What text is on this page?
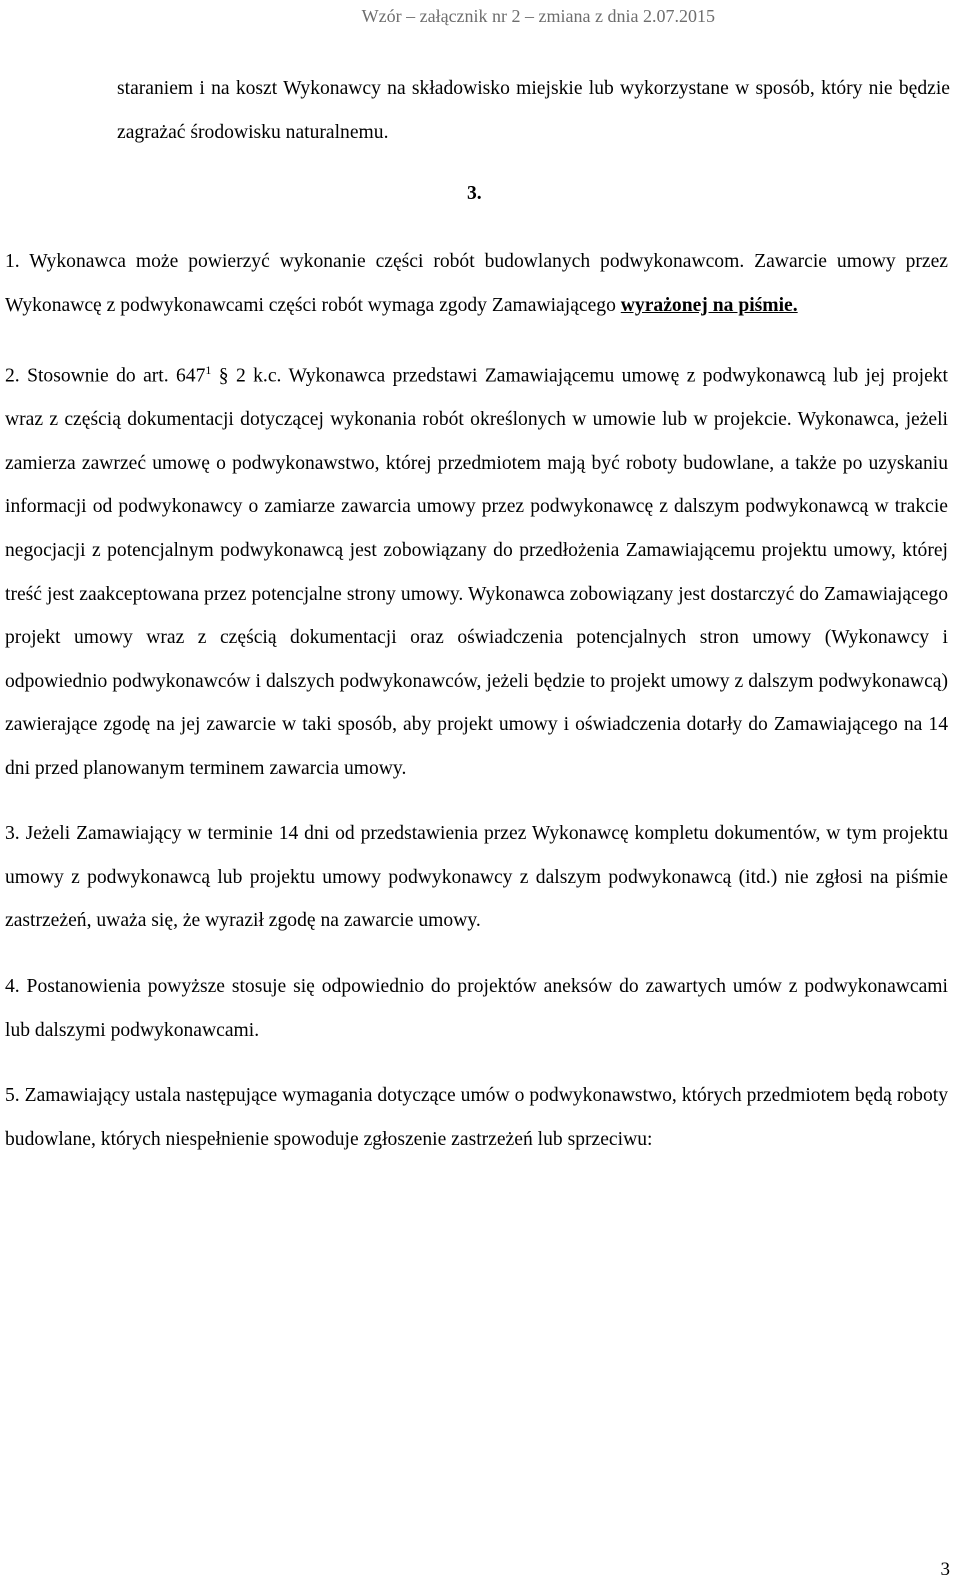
Wzór – załącznik nr 2 – zmiana z dnia 2.07.2015

staraniem i na koszt Wykonawcy na składowisko miejskie lub wykorzystane w sposób, który nie będzie zagrażać środowisku naturalnemu.

3.

1. Wykonawca może powierzyć wykonanie części robót budowlanych podwykonawcom. Zawarcie umowy przez Wykonawcę z podwykonawcami części robót wymaga zgody Zamawiającego wyrażonej na piśmie.

2. Stosownie do art. $647^1$ § 2 k.c. Wykonawca przedstawi Zamawiającemu umowę z podwykonawcą lub jej projekt wraz z częścią dokumentacji dotyczącej wykonania robót określonych w umowie lub w projekcie. Wykonawca, jeżeli zamierza zawrzeć umowę o podwykonawstwo, której przedmiotem mają być roboty budowlane, a także po uzyskaniu informacji od podwykonawcy o zamiarze zawarcia umowy przez podwykonawcę z dalszym podwykonawcą w trakcie negocjacji z potencjalnym podwykonawcą jest zobowiązany do przedłożenia Zamawiającemu projektu umowy, której treść jest zaakceptowana przez potencjalne strony umowy. Wykonawca zobowiązany jest dostarczyć do Zamawiającego projekt umowy wraz z częścią dokumentacji oraz oświadczenia potencjalnych stron umowy (Wykonawcy i odpowiednio podwykonawców i dalszych podwykonawców, jeżeli będzie to projekt umowy z dalszym podwykonawcą) zawierające zgodę na jej zawarcie w taki sposób, aby projekt umowy i oświadczenia dotarły do Zamawiającego na 14 dni przed planowanym terminem zawarcia umowy.

3. Jeżeli Zamawiający w terminie 14 dni od przedstawienia przez Wykonawcę kompletu dokumentów, w tym projektu umowy z podwykonawcą lub projektu umowy podwykonawcy z dalszym podwykonawcą (itd.) nie zgłosi na piśmie zastrzeżeń, uważa się, że wyraził zgodę na zawarcie umowy.

4. Postanowienia powyższe stosuje się odpowiednio do projektów aneksów do zawartych umów z podwykonawcami lub dalszymi podwykonawcami.

5. Zamawiający ustala następujące wymagania dotyczące umów o podwykonawstwo, których przedmiotem będą roboty budowlane, których niespełnienie spowoduje zgłoszenie zastrzeżeń lub sprzeciwu:

3
